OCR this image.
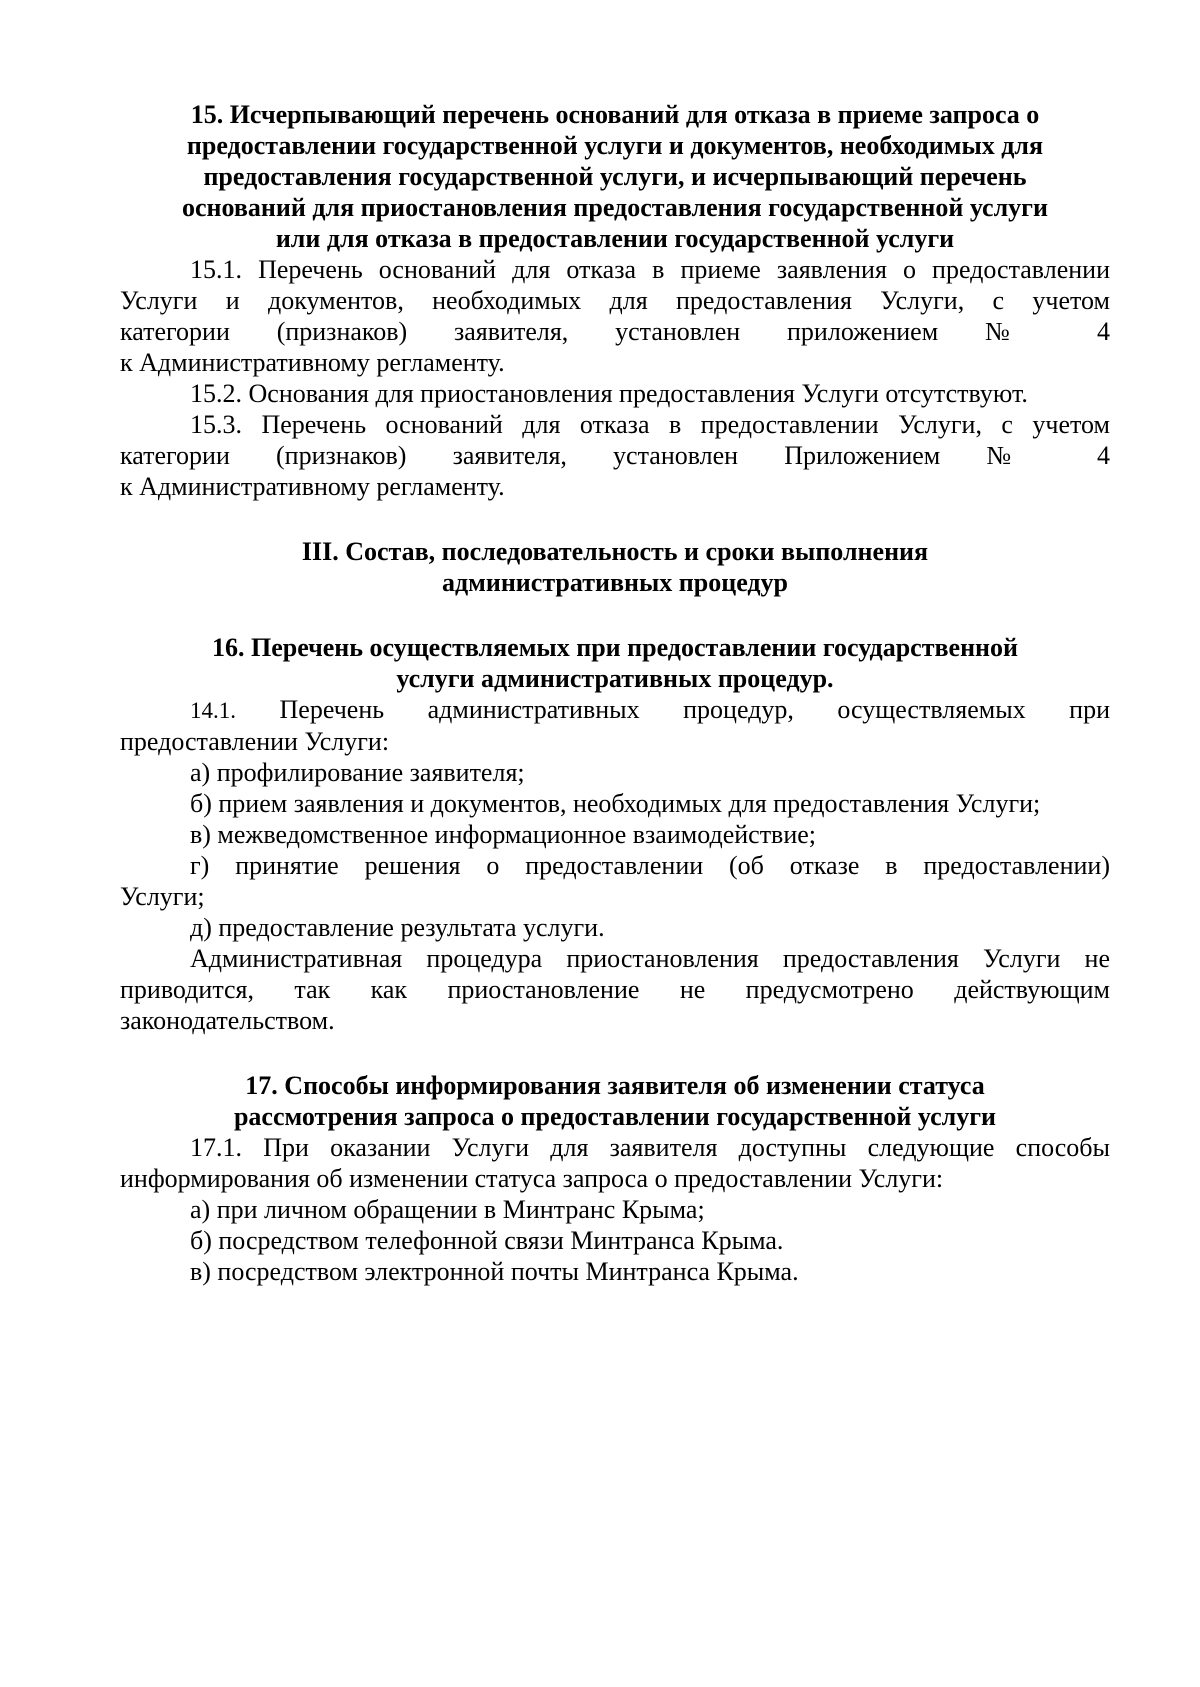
15. Исчерпывающий перечень оснований для отказа в приеме запроса о
предоставлении государственной услуги и документов, необходимых для
предоставления государственной услуги, и исчерпывающий перечень
оснований для приостановления предоставления государственной услуги
или для отказа в предоставлении государственной услуги
15.1. Перечень оснований для отказа в приеме заявления о предоставлении
Услуги и документов, необходимых для предоставления Услуги, с учетом
категории (признаков) заявителя, установлен приложением № 4
к Административному регламенту.
15.2. Основания для приостановления предоставления Услуги отсутствуют.
15.3. Перечень оснований для отказа в предоставлении Услуги, с учетом
категории (признаков) заявителя, установлен Приложением № 4
к Административному регламенту.
III. Состав, последовательность и сроки выполнения
административных процедур
16. Перечень осуществляемых при предоставлении государственной
услуги административных процедур.
14.1. Перечень административных процедур, осуществляемых при
предоставлении Услуги:
а) профилирование заявителя;
б) прием заявления и документов, необходимых для предоставления Услуги;
в) межведомственное информационное взаимодействие;
г) принятие решения о предоставлении (об отказе в предоставлении)
Услуги;
д) предоставление результата услуги.
Административная процедура приостановления предоставления Услуги не
приводится, так как приостановление не предусмотрено действующим
законодательством.
17. Способы информирования заявителя об изменении статуса
рассмотрения запроса о предоставлении государственной услуги
17.1. При оказании Услуги для заявителя доступны следующие способы
информирования об изменении статуса запроса о предоставлении Услуги:
а) при личном обращении в Минтранс Крыма;
б) посредством телефонной связи Минтранса Крыма.
в) посредством электронной почты Минтранса Крыма.
